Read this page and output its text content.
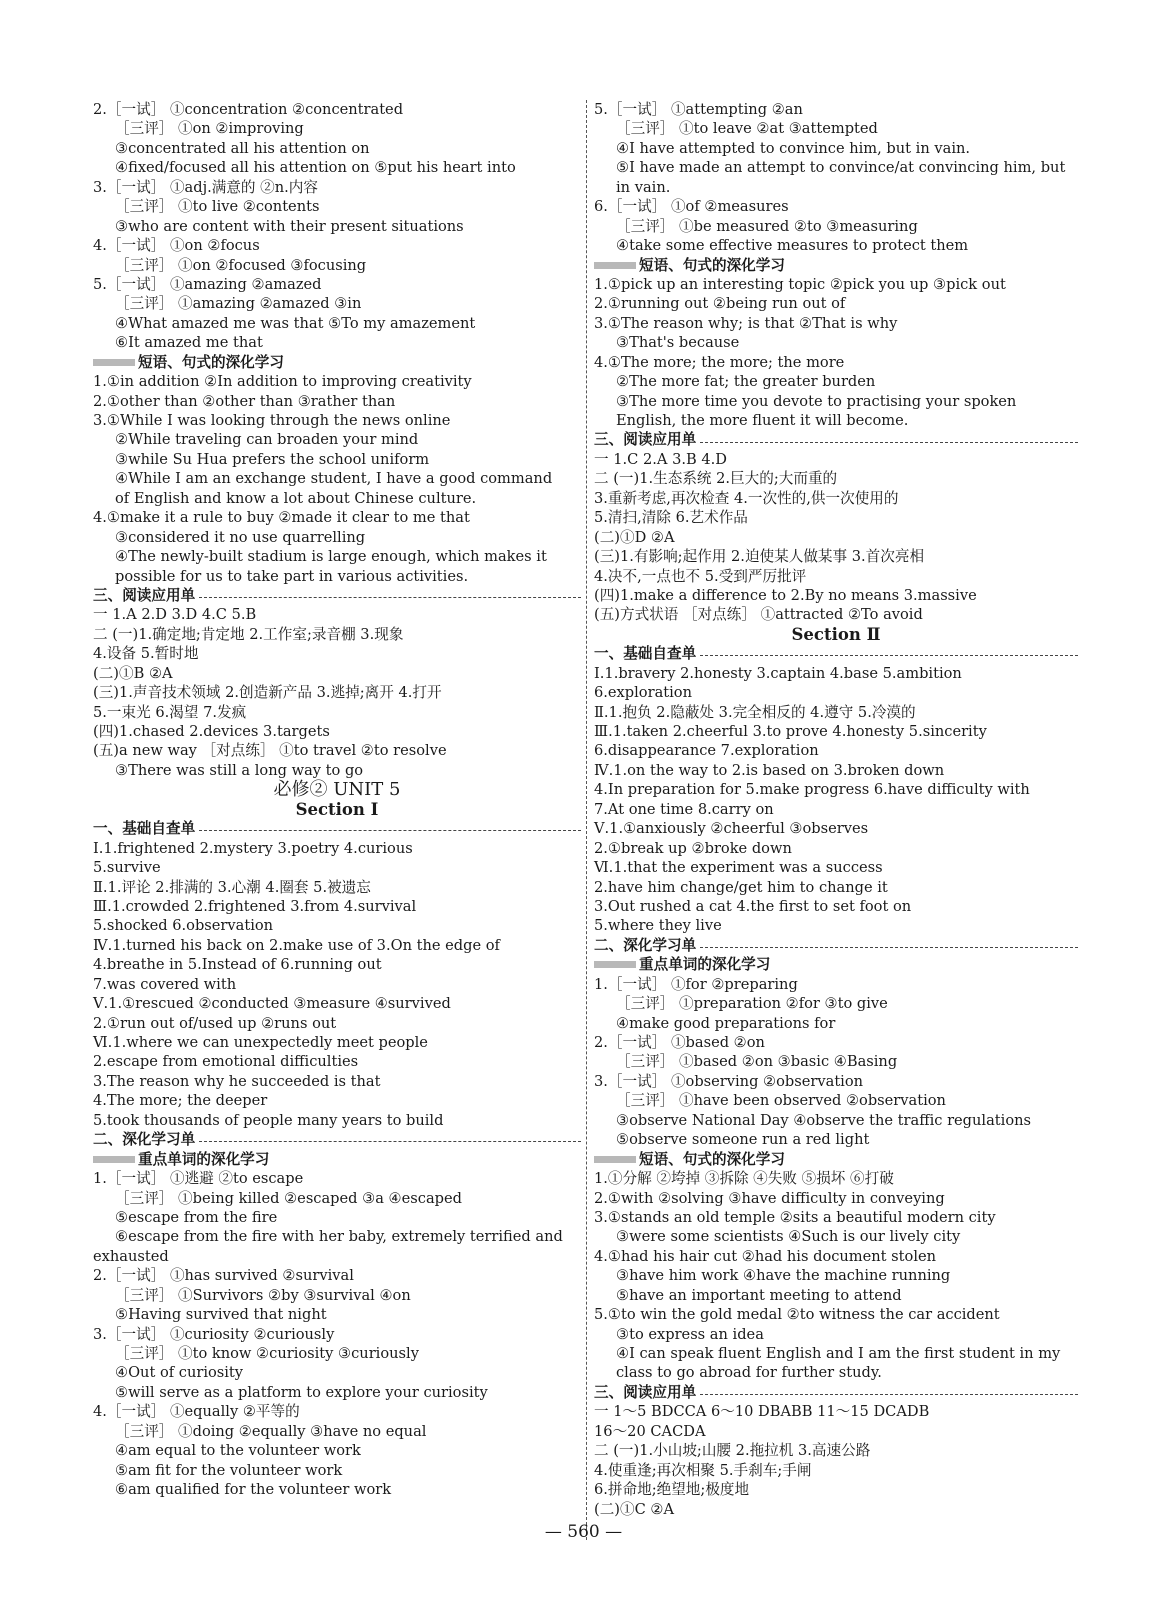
2.［一试］ ①concentration ②concentrated
［三评］ ①on ②improving
③concentrated all his attention on
④fixed/focused all his attention on ⑤put his heart into
3.［一试］ ①adj.满意的 ②n.内容
［三评］ ①to live ②contents
③who are content with their present situations
4.［一试］ ①on ②focus
［三评］ ①on ②focused ③focusing
5.［一试］ ①amazing ②amazed
［三评］ ①amazing ②amazed ③in
④What amazed me was that ⑤To my amazement
⑥It amazed me that
短语、句式的深化学习
1.①in addition ②In addition to improving creativity
2.①other than ②other than ③rather than
3.①While I was looking through the news online
②While traveling can broaden your mind
③while Su Hua prefers the school uniform
④While I am an exchange student, I have a good command
of English and know a lot about Chinese culture.
4.①make it a rule to buy ②made it clear to me that
③considered it no use quarrelling
④The newly-built stadium is large enough, which makes it
possible for us to take part in various activities.
三、阅读应用单
一 1.A 2.D 3.D 4.C 5.B
二 (一)1.确定地;肯定地 2.工作室;录音棚 3.现象
4.设备 5.暂时地
(二)①B ②A
(三)1.声音技术领域 2.创造新产品 3.逃掉;离开 4.打开
5.一束光 6.渴望 7.发疯
(四)1.chased 2.devices 3.targets
(五)a new way ［对点练］ ①to travel ②to resolve
③There was still a long way to go
必修② UNIT 5
Section Ⅰ
一、基础自查单
Ⅰ.1.frightened 2.mystery 3.poetry 4.curious
5.survive
Ⅱ.1.评论 2.排满的 3.心潮 4.圈套 5.被遗忘
Ⅲ.1.crowded 2.frightened 3.from 4.survival
5.shocked 6.observation
Ⅳ.1.turned his back on 2.make use of 3.On the edge of
4.breathe in 5.Instead of 6.running out
7.was covered with
Ⅴ.1.①rescued ②conducted ③measure ④survived
2.①run out of/used up ②runs out
Ⅵ.1.where we can unexpectedly meet people
2.escape from emotional difficulties
3.The reason why he succeeded is that
4.The more; the deeper
5.took thousands of people many years to build
二、深化学习单
重点单词的深化学习
1.［一试］ ①逃避 ②to escape
［三评］ ①being killed ②escaped ③a ④escaped
⑤escape from the fire
⑥escape from the fire with her baby, extremely terrified and
exhausted
2.［一试］ ①has survived ②survival
［三评］ ①Survivors ②by ③survival ④on
⑤Having survived that night
3.［一试］ ①curiosity ②curiously
［三评］ ①to know ②curiosity ③curiously
④Out of curiosity
⑤will serve as a platform to explore your curiosity
4.［一试］ ①equally ②平等的
［三评］ ①doing ②equally ③have no equal
④am equal to the volunteer work
⑤am fit for the volunteer work
⑥am qualified for the volunteer work
5.［一试］ ①attempting ②an
［三评］ ①to leave ②at ③attempted
④I have attempted to convince him, but in vain.
⑤I have made an attempt to convince/at convincing him, but
in vain.
6.［一试］ ①of ②measures
［三评］ ①be measured ②to ③measuring
④take some effective measures to protect them
短语、句式的深化学习
1.①pick up an interesting topic ②pick you up ③pick out
2.①running out ②being run out of
3.①The reason why; is that ②That is why
③That's because
4.①The more; the more; the more
②The more fat; the greater burden
③The more time you devote to practising your spoken
English, the more fluent it will become.
三、阅读应用单
一 1.C 2.A 3.B 4.D
二 (一)1.生态系统 2.巨大的;大而重的
3.重新考虑,再次检查 4.一次性的,供一次使用的
5.清扫,清除 6.艺术作品
(二)①D ②A
(三)1.有影响;起作用 2.迫使某人做某事 3.首次亮相
4.决不,一点也不 5.受到严厉批评
(四)1.make a difference to 2.By no means 3.massive
(五)方式状语 ［对点练］ ①attracted ②To avoid
Section Ⅱ
一、基础自查单
Ⅰ.1.bravery 2.honesty 3.captain 4.base 5.ambition
6.exploration
Ⅱ.1.抱负 2.隐蔽处 3.完全相反的 4.遵守 5.冷漠的
Ⅲ.1.taken 2.cheerful 3.to prove 4.honesty 5.sincerity
6.disappearance 7.exploration
Ⅳ.1.on the way to 2.is based on 3.broken down
4.In preparation for 5.make progress 6.have difficulty with
7.At one time 8.carry on
Ⅴ.1.①anxiously ②cheerful ③observes
2.①break up ②broke down
Ⅵ.1.that the experiment was a success
2.have him change/get him to change it
3.Out rushed a cat 4.the first to set foot on
5.where they live
二、深化学习单
重点单词的深化学习
1.［一试］ ①for ②preparing
［三评］ ①preparation ②for ③to give
④make good preparations for
2.［一试］ ①based ②on
［三评］ ①based ②on ③basic ④Basing
3.［一试］ ①observing ②observation
［三评］ ①have been observed ②observation
③observe National Day ④observe the traffic regulations
⑤observe someone run a red light
短语、句式的深化学习
1.①分解 ②垮掉 ③拆除 ④失败 ⑤损坏 ⑥打破
2.①with ②solving ③have difficulty in conveying
3.①stands an old temple ②sits a beautiful modern city
③were some scientists ④Such is our lively city
4.①had his hair cut ②had his document stolen
③have him work ④have the machine running
⑤have an important meeting to attend
5.①to win the gold medal ②to witness the car accident
③to express an idea
④I can speak fluent English and I am the first student in my
class to go abroad for further study.
三、阅读应用单
一 1～5 BDCCA 6～10 DBABB 11～15 DCADB
16～20 CACDA
二 (一)1.小山坡;山腰 2.拖拉机 3.高速公路
4.使重逢;再次相聚 5.手刹车;手闸
6.拼命地;绝望地;极度地
(二)①C ②A
— 560 —
